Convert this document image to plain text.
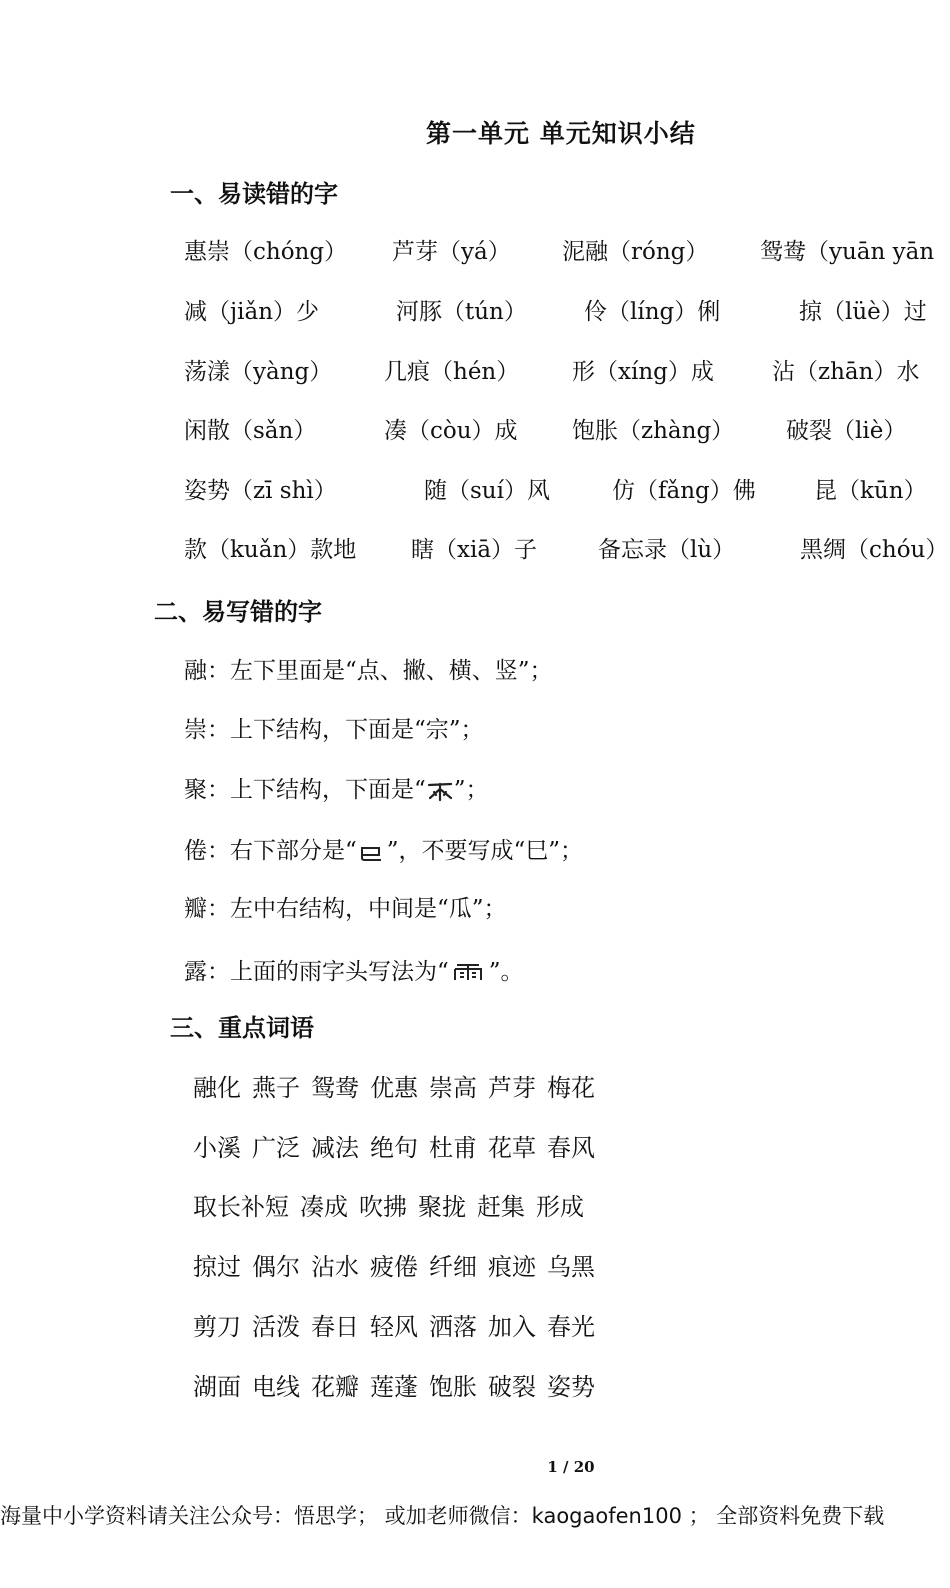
第一单元 单元知识小结
一、易读错的字
惠崇（chóng） 芦芽（yá） 泥融（róng） 鸳鸯（yuān yān
减（jiǎn）少	河豚（tún） 伶（líng）俐	掠（lüè）过
荡漾（yàng） 几痕（hén） 形（xíng）成	沾（zhān）水
闲散（sǎn）	凑（còu）成 饱胀（zhàng） 破裂（liè）
姿势（zī shì）	随（suí）风	仿（fǎng）佛	昆（kūn）
款（kuǎn）款地 瞎（xiā）子	备忘录（lù）	黑绸（chóu）
二、易写错的字
融：左下里面是“点、撇、横、竖”；
崇：上下结构，下面是“宗”；
聚：上下结构，下面是“ ”；
倦：右下部分是“ ”，不要写成“巳”；
瓣：左中右结构，中间是“瓜”；
露：上面的雨字头写法为“ ”。
三、重点词语
融化 燕子 鸳鸯 优惠 崇高 芦芽 梅花
小溪 广泛 减法 绝句 杜甫 花草 春风
取长补短 凑成 吹拂 聚拢 赶集 形成
掠过 偶尔 沾水 疲倦 纤细 痕迹 乌黑
剪刀 活泼 春日 轻风 洒落 加入 春光
湖面 电线 花瓣 莲蓬 饱胀 破裂 姿势
1 / 20
海量中小学资料请关注公众号：悟思学； 或加老师微信：kaogaofen100 ； 全部资料免费下载
